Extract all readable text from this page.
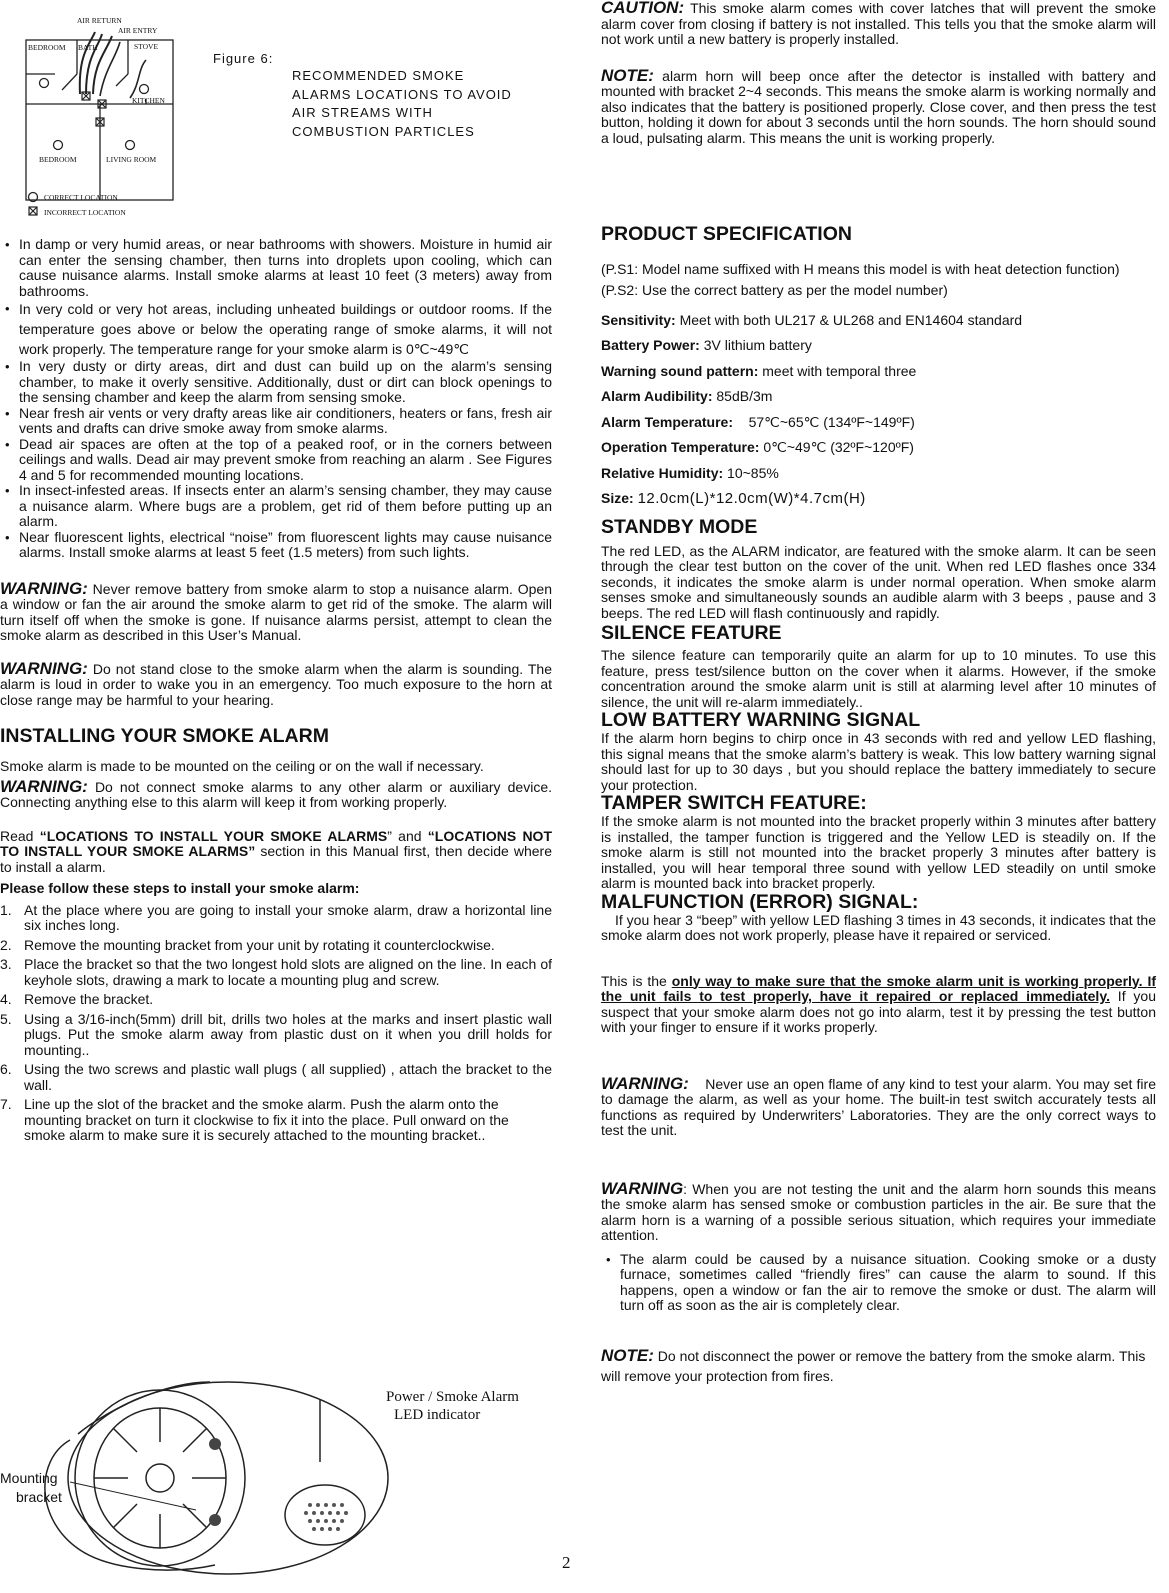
AIR RETURN
AIR ENTRY
BEDROOM BATH	STOVE
KITCHEN
BEDROOM	LIVING ROOM
CORRECT LOCATION
INCORRECT LOCATION
Figure 6:
RECOMMENDED SMOKE
ALARMS LOCATIONS TO AVOID
AIR STREAMS WITH
COMBUSTION PARTICLES
• In damp or very humid areas, or near bathrooms with showers. Moisture in humid air can enter the sensing chamber, then turns into droplets upon cooling, which can cause nuisance alarms. Install smoke alarms at least 10 feet (3 meters) away from bathrooms.
• In very cold or very hot areas, including unheated buildings or outdoor rooms. If the temperature goes above or below the operating range of smoke alarms, it will not work properly. The temperature range for your smoke alarm is 0℃~49℃
• In very dusty or dirty areas, dirt and dust can build up on the alarm’s sensing chamber, to make it overly sensitive. Additionally, dust or dirt can block openings to the sensing chamber and keep the alarm from sensing smoke.
• Near fresh air vents or very drafty areas like air conditioners, heaters or fans, fresh air vents and drafts can drive smoke away from smoke alarms.
• Dead air spaces are often at the top of a peaked roof, or in the corners between ceilings and walls. Dead air may prevent smoke from reaching an alarm . See Figures 4 and 5 for recommended mounting locations.
• In insect-infested areas. If insects enter an alarm’s sensing chamber, they may cause a nuisance alarm. Where bugs are a problem, get rid of them before putting up an alarm.
• Near fluorescent lights, electrical “noise” from fluorescent lights may cause nuisance alarms. Install smoke alarms at least 5 feet (1.5 meters) from such lights.

WARNING: Never remove battery from smoke alarm to stop a nuisance alarm. Open a window or fan the air around the smoke alarm to get rid of the smoke. The alarm will turn itself off when the smoke is gone. If nuisance alarms persist, attempt to clean the smoke alarm as described in this User’s Manual.

WARNING: Do not stand close to the smoke alarm when the alarm is sounding. The alarm is loud in order to wake you in an emergency. Too much exposure to the horn at close range may be harmful to your hearing.

INSTALLING YOUR SMOKE ALARM

Smoke alarm is made to be mounted on the ceiling or on the wall if necessary.

WARNING: Do not connect smoke alarms to any other alarm or auxiliary device. Connecting anything else to this alarm will keep it from working properly.

Read “LOCATIONS TO INSTALL YOUR SMOKE ALARMS” and “LOCATIONS NOT TO INSTALL YOUR SMOKE ALARMS” section in this Manual first, then decide where to install a alarm.

Please follow these steps to install your smoke alarm:

1. At the place where you are going to install your smoke alarm, draw a horizontal line six inches long.
2. Remove the mounting bracket from your unit by rotating it counterclockwise.
3. Place the bracket so that the two longest hold slots are aligned on the line. In each of keyhole slots, drawing a mark to locate a mounting plug and screw.
4. Remove the bracket.
5. Using a 3/16-inch(5mm) drill bit, drills two holes at the marks and insert plastic wall plugs. Put the smoke alarm away from plastic dust on it when you drill holds for mounting..
6. Using the two screws and plastic wall plugs ( all supplied) , attach the bracket to the wall.
7. Line up the slot of the bracket and the smoke alarm. Push the alarm onto the mounting bracket on turn it clockwise to fix it into the place. Pull onward on the smoke alarm to make sure it is securely attached to the mounting bracket..
Power / Smoke Alarm
LED indicator
Mounting
bracket

CAUTION: This smoke alarm comes with cover latches that will prevent the smoke alarm cover from closing if battery is not installed. This tells you that the smoke alarm will not work until a new battery is properly installed.

NOTE: alarm horn will beep once after the detector is installed with battery and mounted with bracket 2~4 seconds. This means the smoke alarm is working normally and also indicates that the battery is positioned properly. Close cover, and then press the test button, holding it down for about 3 seconds until the horn sounds. The horn should sound a loud, pulsating alarm. This means the unit is working properly.

PRODUCT SPECIFICATION

(P.S1: Model name suffixed with H means this model is with heat detection function)

(P.S2: Use the correct battery as per the model number)

Sensitivity: Meet with both UL217 & UL268 and EN14604 standard

Battery Power: 3V lithium battery

Warning sound pattern: meet with temporal three

Alarm Audibility: 85dB/3m

Alarm Temperature: 57℃~65℃ (134ºF~149ºF)

Operation Temperature: 0℃~49℃ (32ºF~120ºF)

Relative Humidity: 10~85%

Size: 12.0cm(L)*12.0cm(W)*4.7cm(H)

STANDBY MODE

The red LED, as the ALARM indicator, are featured with the smoke alarm. It can be seen through the clear test button on the cover of the unit. When red LED flashes once 334 seconds, it indicates the smoke alarm is under normal operation. When smoke alarm senses smoke and simultaneously sounds an audible alarm with 3 beeps , pause and 3 beeps. The red LED will flash continuously and rapidly.

SILENCE FEATURE

The silence feature can temporarily quite an alarm for up to 10 minutes. To use this feature, press test/silence button on the cover when it alarms. However, if the smoke concentration around the smoke alarm unit is still at alarming level after 10 minutes of silence, the unit will re-alarm immediately..

LOW BATTERY WARNING SIGNAL

If the alarm horn begins to chirp once in 43 seconds with red and yellow LED flashing, this signal means that the smoke alarm’s battery is weak. This low battery warning signal should last for up to 30 days , but you should replace the battery immediately to secure your protection.

TAMPER SWITCH FEATURE:

If the smoke alarm is not mounted into the bracket properly within 3 minutes after battery is installed, the tamper function is triggered and the Yellow LED is steadily on. If the smoke alarm is still not mounted into the bracket properly 3 minutes after battery is installed, you will hear temporal three sound with yellow LED steadily on until smoke alarm is mounted back into bracket properly.

MALFUNCTION (ERROR) SIGNAL:

If you hear 3 “beep” with yellow LED flashing 3 times in 43 seconds, it indicates that the smoke alarm does not work properly, please have it repaired or serviced.

This is the only way to make sure that the smoke alarm unit is working properly. If the unit fails to test properly, have it repaired or replaced immediately. If you suspect that your smoke alarm does not go into alarm, test it by pressing the test button with your finger to ensure if it works properly.

WARNING: Never use an open flame of any kind to test your alarm. You may set fire to damage the alarm, as well as your home. The built-in test switch accurately tests all functions as required by Underwriters’ Laboratories. They are the only correct ways to test the unit.

WARNING: When you are not testing the unit and the alarm horn sounds this means the smoke alarm has sensed smoke or combustion particles in the air. Be sure that the alarm horn is a warning of a possible serious situation, which requires your immediate attention.

• The alarm could be caused by a nuisance situation. Cooking smoke or a dusty furnace, sometimes called “friendly fires” can cause the alarm to sound. If this happens, open a window or fan the air to remove the smoke or dust. The alarm will turn off as soon as the air is completely clear.

NOTE: Do not disconnect the power or remove the battery from the smoke alarm. This will remove your protection from fires.

2
